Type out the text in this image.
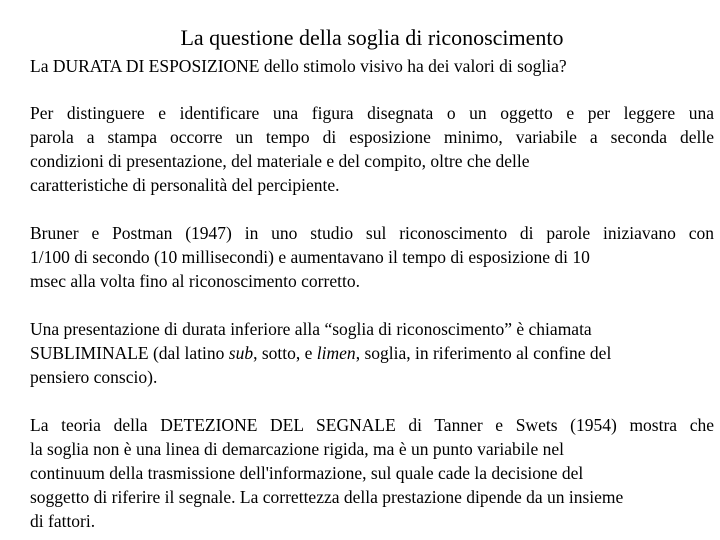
La questione della soglia di riconoscimento
La DURATA DI ESPOSIZIONE dello stimolo visivo ha dei valori di soglia?

Per distinguere e identificare una figura disegnata o un oggetto e per leggere una
parola a stampa occorre un tempo di esposizione minimo, variabile a seconda delle
condizioni di presentazione, del materiale e del compito, oltre che delle
caratteristiche di personalità del percipiente.

Bruner e Postman (1947) in uno studio sul riconoscimento di parole iniziavano con
1/100 di secondo (10 millisecondi) e aumentavano il tempo di esposizione di 10
msec alla volta fino al riconoscimento corretto.

Una presentazione di durata inferiore alla “soglia di riconoscimento” è chiamata
SUBLIMINALE (dal latino sub, sotto, e limen, soglia, in riferimento al confine del
pensiero conscio).

La teoria della DETEZIONE DEL SEGNALE di Tanner e Swets (1954) mostra che
la soglia non è una linea di demarcazione rigida, ma è un punto variabile nel
continuum della trasmissione dell'informazione, sul quale cade la decisione del
soggetto di riferire il segnale. La correttezza della prestazione dipende da un insieme
di fattori.
